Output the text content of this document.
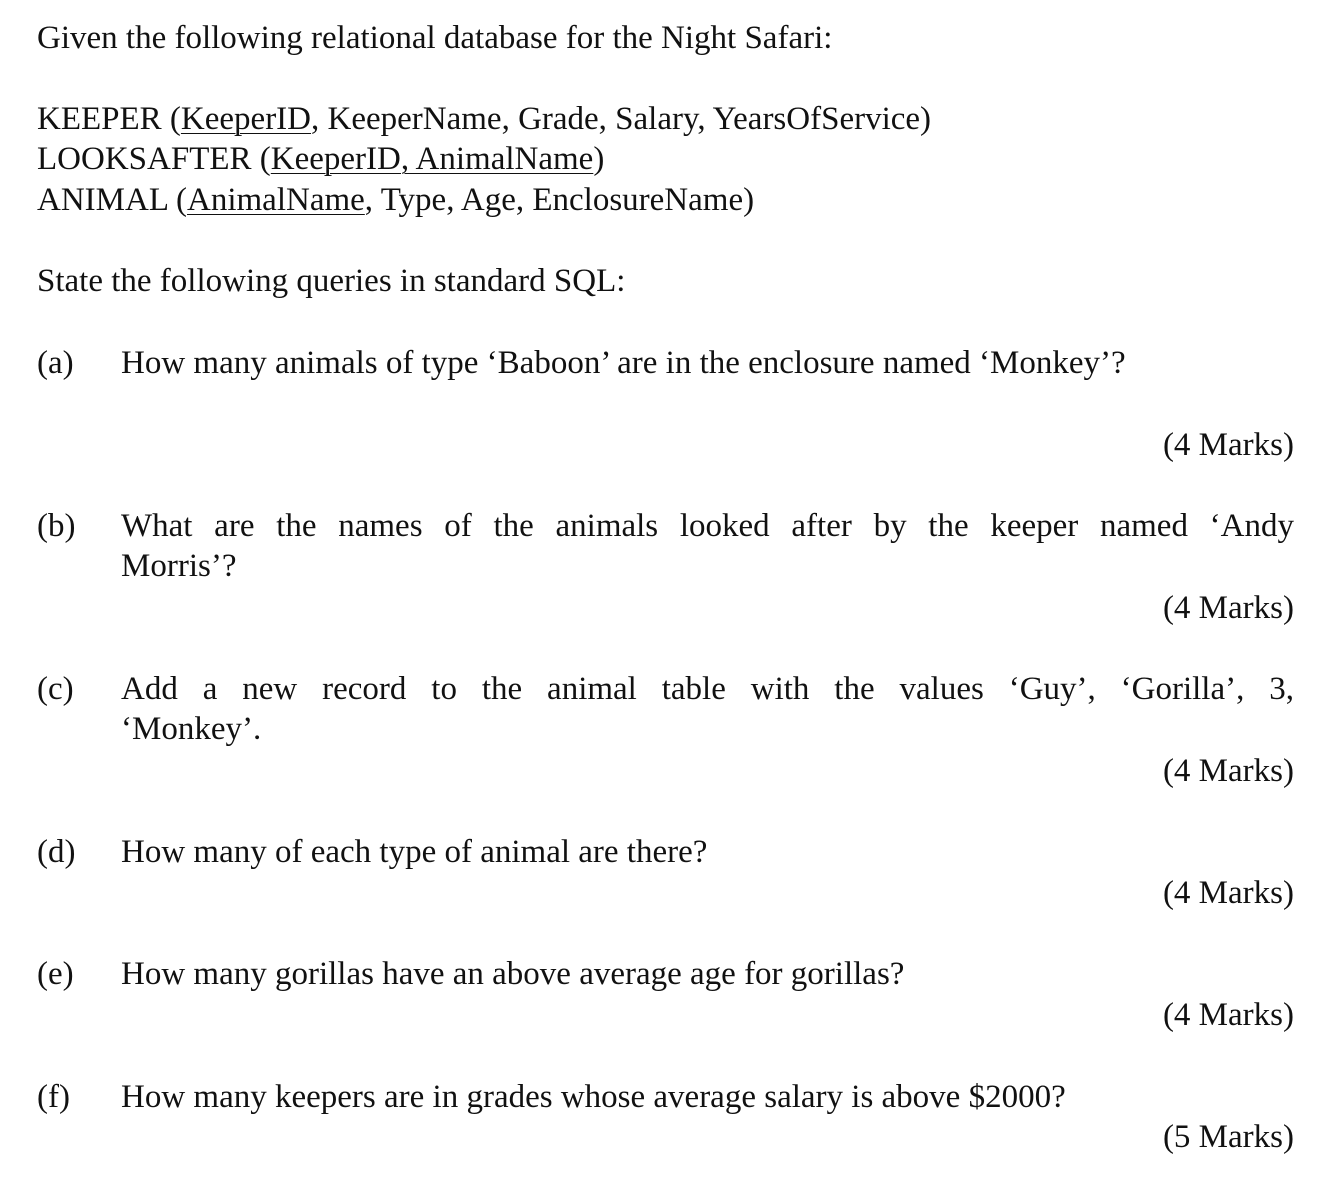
Given the following relational database for the Night Safari:
KEEPER (KeeperID, KeeperName, Grade, Salary, YearsOfService)
LOOKSAFTER (KeeperID, AnimalName)
ANIMAL (AnimalName, Type, Age, EnclosureName)
State the following queries in standard SQL:
(a)	How many animals of type ‘Baboon’ are in the enclosure named ‘Monkey’?
(4 Marks)
(b)	What are the names of the animals looked after by the keeper named ‘Andy
Morris’?
(4 Marks)
(c)	Add a new record to the animal table with the values ‘Guy’, ‘Gorilla’, 3,
‘Monkey’.
(4 Marks)
(d)	How many of each type of animal are there?
(4 Marks)
(e)	How many gorillas have an above average age for gorillas?
(4 Marks)
(f)	How many keepers are in grades whose average salary is above $2000?
(5 Marks)
